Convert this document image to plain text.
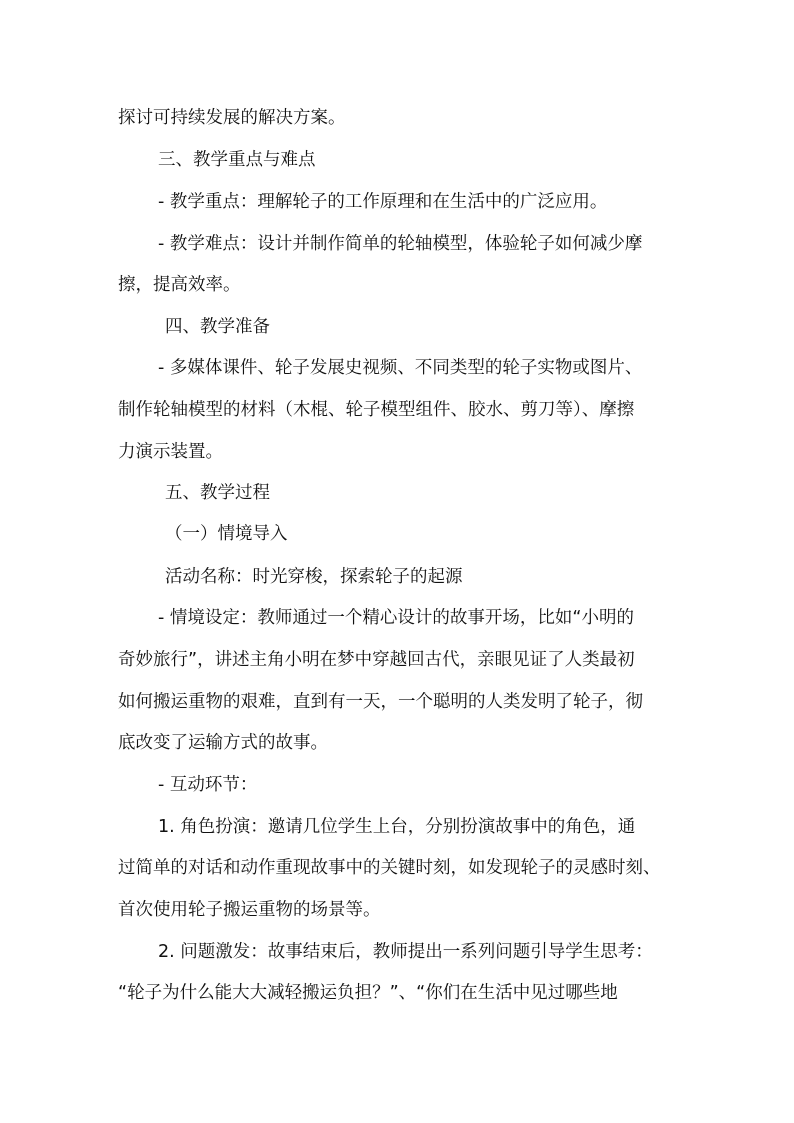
探讨可持续发展的解决方案。
三、教学重点与难点
- 教学重点：理解轮子的工作原理和在生活中的广泛应用。
- 教学难点：设计并制作简单的轮轴模型，体验轮子如何减少摩
擦，提高效率。
四、教学准备
- 多媒体课件、轮子发展史视频、不同类型的轮子实物或图片、
制作轮轴模型的材料（木棍、轮子模型组件、胶水、剪刀等）、摩擦
力演示装置。
五、教学过程
（一）情境导入
活动名称：时光穿梭，探索轮子的起源
- 情境设定：教师通过一个精心设计的故事开场，比如“小明的
奇妙旅行”，讲述主角小明在梦中穿越回古代，亲眼见证了人类最初
如何搬运重物的艰难，直到有一天，一个聪明的人类发明了轮子，彻
底改变了运输方式的故事。
- 互动环节：
1. 角色扮演：邀请几位学生上台，分别扮演故事中的角色，通
过简单的对话和动作重现故事中的关键时刻，如发现轮子的灵感时刻、
首次使用轮子搬运重物的场景等。
2. 问题激发：故事结束后，教师提出一系列问题引导学生思考：
“轮子为什么能大大减轻搬运负担？”、“你们在生活中见过哪些地
